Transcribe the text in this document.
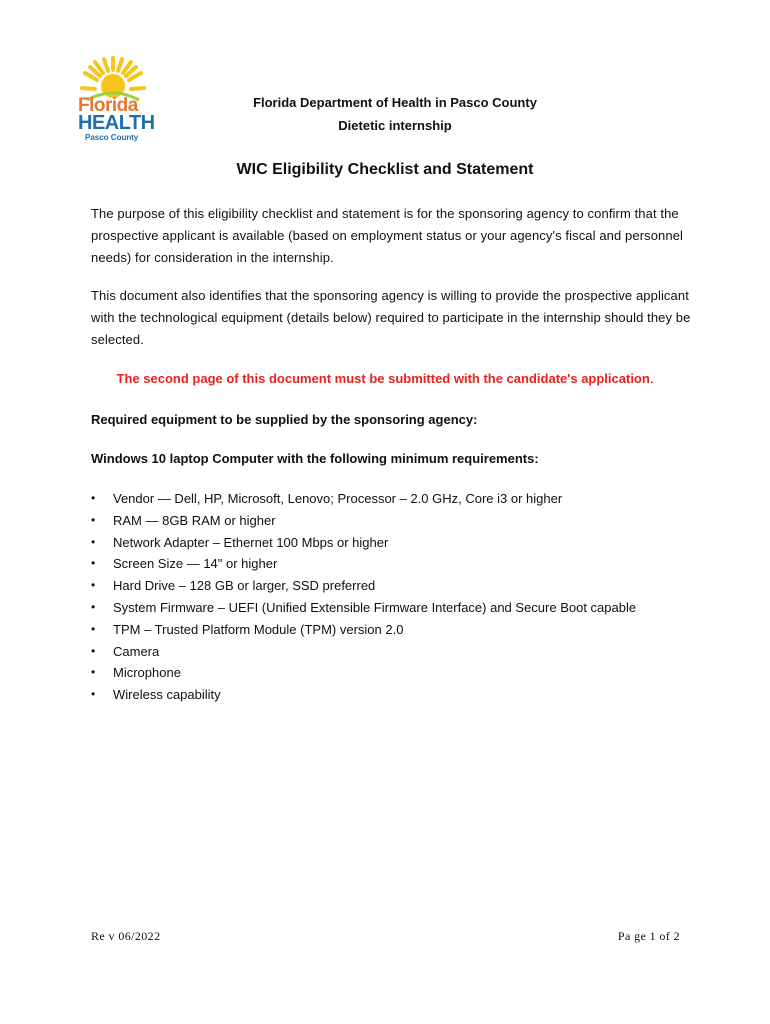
Florida
HEALTH
Pasco County
Florida Department of Health in Pasco County
Dietetic internship
WIC Eligibility Checklist and Statement
The purpose of this eligibility checklist and statement is for the sponsoring agency to confirm that the prospective applicant is available (based on employment status or your agency's fiscal and personnel needs) for consideration in the internship.
This document also identifies that the sponsoring agency is willing to provide the prospective applicant with the technological equipment (details below) required to participate in the internship should they be selected.
The second page of this document must be submitted with the candidate's application.
Required equipment to be supplied by the sponsoring agency:
Windows 10 laptop Computer with the following minimum requirements:
• Vendor — Dell, HP, Microsoft, Lenovo; Processor – 2.0 GHz, Core i3 or higher
• RAM — 8GB RAM or higher
• Network Adapter – Ethernet 100 Mbps or higher
• Screen Size — 14" or higher
• Hard Drive – 128 GB or larger, SSD preferred
• System Firmware – UEFI (Unified Extensible Firmware Interface) and Secure Boot capable
• TPM – Trusted Platform Module (TPM) version 2.0
• Camera
• Microphone
• Wireless capability
Re v 06/2022	Pa ge 1 of 2
